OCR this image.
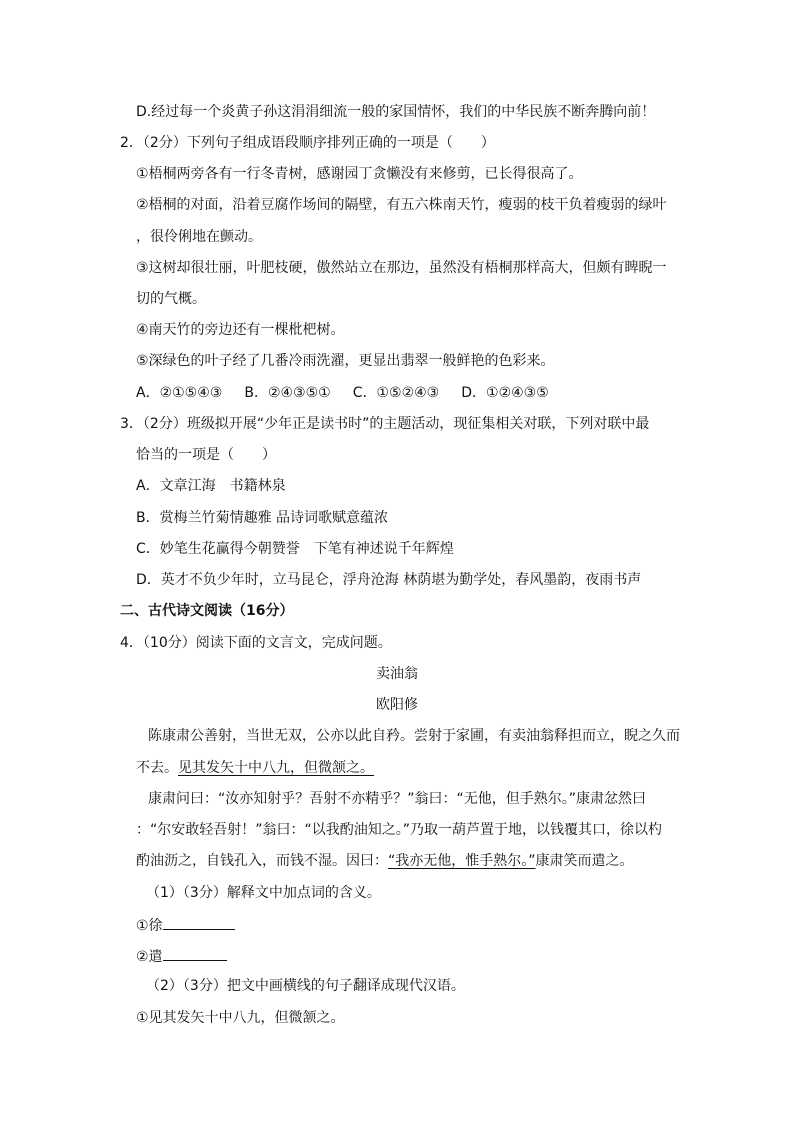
D.经过每一个炎黄子孙这涓涓细流一般的家国情怀，我们的中华民族不断奔腾向前！
2．（2分）下列句子组成语段顺序排列正确的一项是（　　）
①梧桐两旁各有一行冬青树，感谢园丁贪懒没有来修剪，已长得很高了。
②梧桐的对面，沿着豆腐作场间的隔壁，有五六株南天竹，瘦弱的枝干负着瘦弱的绿叶
，很伶俐地在颤动。
③这树却很壮丽，叶肥枝硬，傲然站立在那边，虽然没有梧桐那样高大，但颇有睥睨一
切的气概。
④南天竹的旁边还有一棵枇杷树。
⑤深绿色的叶子经了几番冷雨洗濯，更显出翡翠一般鲜艳的色彩来。
A．②①⑤④③ B．②④③⑤① C．①⑤②④③ D．①②④③⑤
3．（2分）班级拟开展“少年正是读书时”的主题活动，现征集相关对联，下列对联中最
恰当的一项是（　　）
A．文章江海　书籍林泉
B．赏梅兰竹菊情趣雅 品诗词歌赋意蕴浓
C．妙笔生花赢得今朝赞誉　下笔有神述说千年辉煌
D．英才不负少年时，立马昆仑，浮舟沧海 林荫堪为勤学处，春风墨韵，夜雨书声
二、古代诗文阅读（16分）
4．（10分）阅读下面的文言文，完成问题。
卖油翁
欧阳修
陈康肃公善射，当世无双，公亦以此自矜。尝射于家圃，有卖油翁释担而立，睨之久而
不去。见其发矢十中八九，但微颔之。
康肃问曰：“汝亦知射乎？吾射不亦精乎？”翁曰：“无他，但手熟尔。”康肃忿然曰
：“尔安敢轻吾射！”翁曰：“以我酌油知之。”乃取一葫芦置于地，以钱覆其口，徐以杓
酌油沥之，自钱孔入，而钱不湿。因曰：“我亦无他，惟手熟尔。”康肃笑而遣之。
（1）（3分）解释文中加点词的含义。
①徐
②遣
（2）（3分）把文中画横线的句子翻译成现代汉语。
①见其发矢十中八九，但微颔之。
